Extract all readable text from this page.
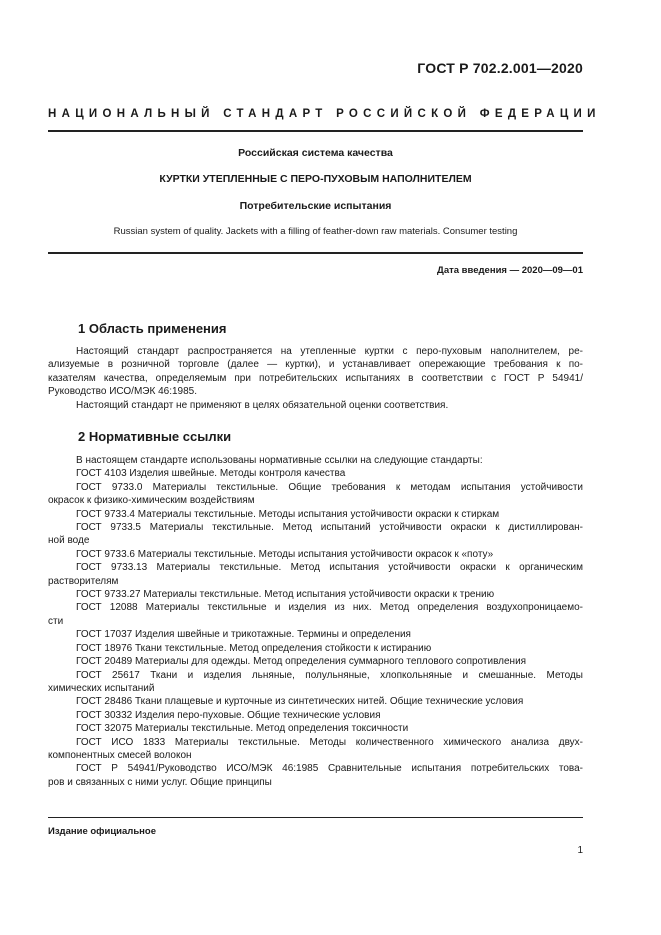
ГОСТ Р 702.2.001—2020
НАЦИОНАЛЬНЫЙ СТАНДАРТ РОССИЙСКОЙ ФЕДЕРАЦИИ
Российская система качества
КУРТКИ УТЕПЛЕННЫЕ С ПЕРО-ПУХОВЫМ НАПОЛНИТЕЛЕМ
Потребительские испытания
Russian system of quality. Jackets with a filling of feather-down raw materials. Consumer testing
Дата введения — 2020—09—01
1 Область применения

Настоящий стандарт распространяется на утепленные куртки с перо-пуховым наполнителем, ре-

ализуемые в розничной торговле (далее — куртки), и устанавливает опережающие требования к по-

казателям качества, определяемым при потребительских испытаниях в соответствии с ГОСТ Р 54941/

Руководство ИСО/МЭК 46:1985.

Настоящий стандарт не применяют в целях обязательной оценки соответствия.

2 Нормативные ссылки

В настоящем стандарте использованы нормативные ссылки на следующие стандарты:

ГОСТ 4103 Изделия швейные. Методы контроля качества

ГОСТ 9733.0 Материалы текстильные. Общие требования к методам испытания устойчивости

окрасок к физико-химическим воздействиям

ГОСТ 9733.4 Материалы текстильные. Методы испытания устойчивости окраски к стиркам

ГОСТ 9733.5 Материалы текстильные. Метод испытаний устойчивости окраски к дистиллирован-

ной воде

ГОСТ 9733.6 Материалы текстильные. Методы испытания устойчивости окрасок к «поту»

ГОСТ 9733.13 Материалы текстильные. Метод испытания устойчивости окраски к органическим

растворителям

ГОСТ 9733.27 Материалы текстильные. Метод испытания устойчивости окраски к трению

ГОСТ 12088 Материалы текстильные и изделия из них. Метод определения воздухопроницаемо-

сти

ГОСТ 17037 Изделия швейные и трикотажные. Термины и определения

ГОСТ 18976 Ткани текстильные. Метод определения стойкости к истиранию

ГОСТ 20489 Материалы для одежды. Метод определения суммарного теплового сопротивления

ГОСТ 25617 Ткани и изделия льняные, полульняные, хлопкольняные и смешанные. Методы

химических испытаний

ГОСТ 28486 Ткани плащевые и курточные из синтетических нитей. Общие технические условия

ГОСТ 30332 Изделия перо-пуховые. Общие технические условия

ГОСТ 32075 Материалы текстильные. Метод определения токсичности

ГОСТ ИСО 1833 Материалы текстильные. Методы количественного химического анализа двух-

компонентных смесей волокон

ГОСТ Р 54941/Руководство ИСО/МЭК 46:1985 Сравнительные испытания потребительских това-

ров и связанных с ними услуг. Общие принципы

Издание официальное
1
